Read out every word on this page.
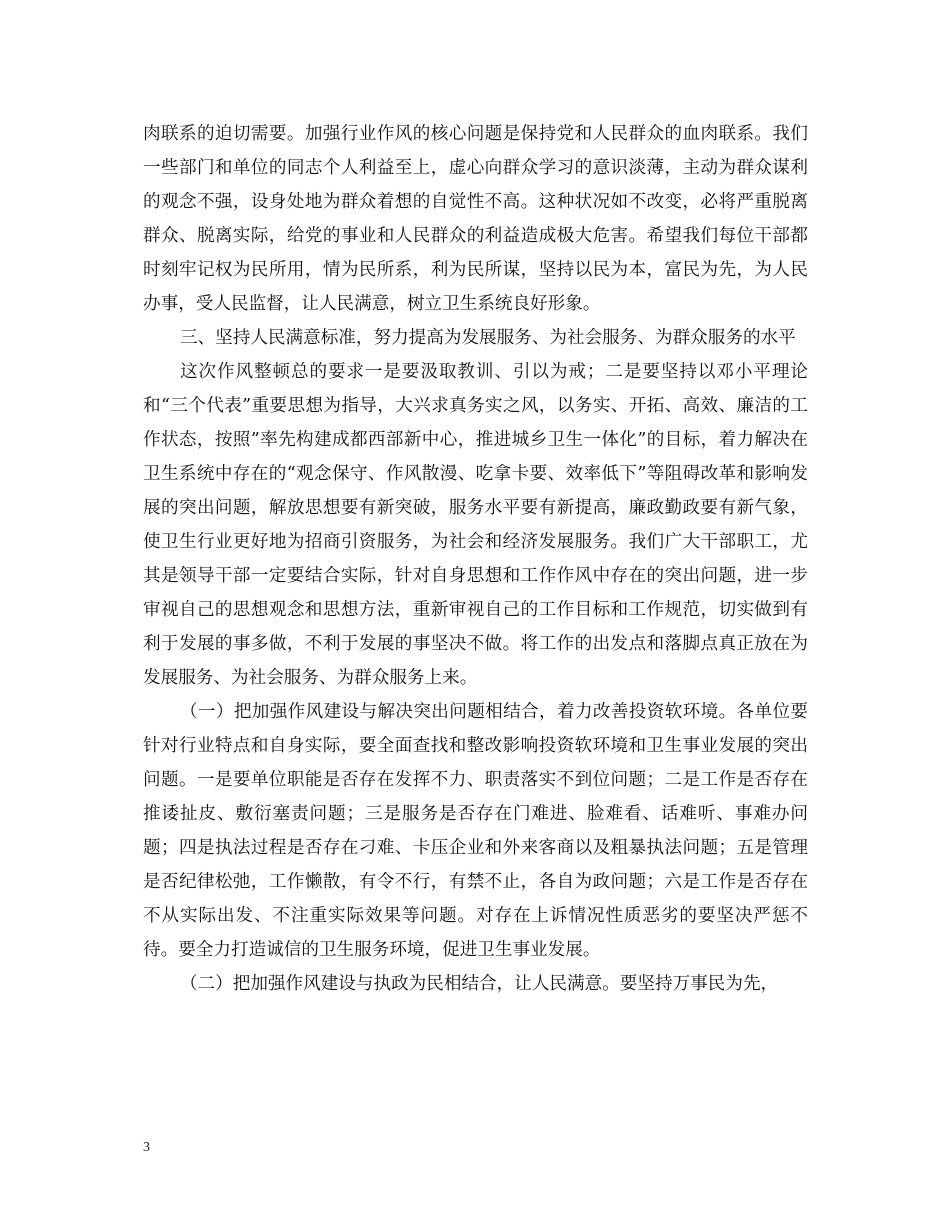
肉联系的迫切需要。加强行业作风的核心问题是保持党和人民群众的血肉联系。我们一些部门和单位的同志个人利益至上，虚心向群众学习的意识淡薄，主动为群众谋利的观念不强，设身处地为群众着想的自觉性不高。这种状况如不改变，必将严重脱离群众、脱离实际，给党的事业和人民群众的利益造成极大危害。希望我们每位干部都时刻牢记权为民所用，情为民所系，利为民所谋，坚持以民为本，富民为先，为人民办事，受人民监督，让人民满意，树立卫生系统良好形象。

三、坚持人民满意标准，努力提高为发展服务、为社会服务、为群众服务的水平

这次作风整顿总的要求一是要汲取教训、引以为戒；二是要坚持以邓小平理论和“三个代表”重要思想为指导，大兴求真务实之风，以务实、开拓、高效、廉洁的工作状态，按照”率先构建成都西部新中心，推进城乡卫生一体化”的目标，着力解决在卫生系统中存在的“观念保守、作风散漫、吃拿卡要、效率低下”等阻碍改革和影响发展的突出问题，解放思想要有新突破，服务水平要有新提高，廉政勤政要有新气象，使卫生行业更好地为招商引资服务，为社会和经济发展服务。我们广大干部职工，尤其是领导干部一定要结合实际，针对自身思想和工作作风中存在的突出问题，进一步审视自己的思想观念和思想方法，重新审视自己的工作目标和工作规范，切实做到有利于发展的事多做，不利于发展的事坚决不做。将工作的出发点和落脚点真正放在为发展服务、为社会服务、为群众服务上来。

（一）把加强作风建设与解决突出问题相结合，着力改善投资软环境。各单位要针对行业特点和自身实际，要全面查找和整改影响投资软环境和卫生事业发展的突出问题。一是要单位职能是否存在发挥不力、职责落实不到位问题；二是工作是否存在推诿扯皮、敷衍塞责问题；三是服务是否存在门难进、脸难看、话难听、事难办问题；四是执法过程是否存在刁难、卡压企业和外来客商以及粗暴执法问题；五是管理是否纪律松弛，工作懒散，有令不行，有禁不止，各自为政问题；六是工作是否存在不从实际出发、不注重实际效果等问题。对存在上诉情况性质恶劣的要坚决严惩不待。要全力打造诚信的卫生服务环境，促进卫生事业发展。

（二）把加强作风建设与执政为民相结合，让人民满意。要坚持万事民为先，

3
